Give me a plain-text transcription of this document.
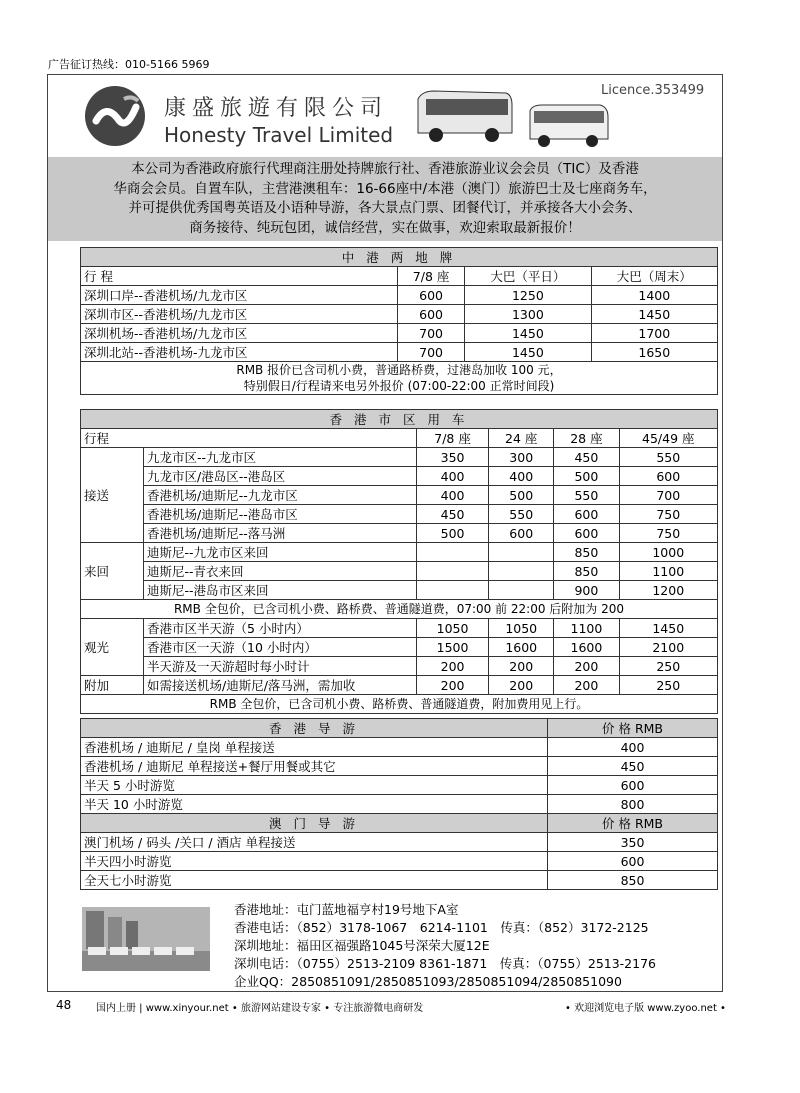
广告征订热线：010-5166 5969
康盛旅遊有限公司
Honesty Travel Limited
Licence.353499
本公司为香港政府旅行代理商注册处持牌旅行社、香港旅游业议会会员（TIC）及香港
华商会会员。自置车队，主营港澳租车：16-66座中/本港（澳门）旅游巴士及七座商务车，
并可提供优秀国粤英语及小语种导游，各大景点门票、团餐代订，并承接各大小会务、
商务接待、纯玩包团，诚信经营，实在做事，欢迎索取最新报价！
中 港 两 地 牌			
行 程	7/8 座	大巴（平日）	大巴（周末）
深圳口岸--香港机场/九龙市区	600	1250	1400
深圳市区--香港机场/九龙市区	600	1300	1450
深圳机场--香港机场/九龙市区	700	1450	1700
深圳北站--香港机场-九龙市区	700	1450	1650

RMB 报价已含司机小费，普通路桥费，过港岛加收 100 元，
特别假日/行程请来电另外报价 (07:00-22:00 正常时间段)			
香 港 市 区 用 车					
行程		7/8 座	24 座	28 座	45/49 座
接送	九龙市区--九龙市区	350	300	450	550
	九龙市区/港岛区--港岛区	400	400	500	600
	香港机场/迪斯尼--九龙市区	400	500	550	700
	香港机场/迪斯尼--港岛市区	450	550	600	750
	香港机场/迪斯尼--落马洲	500	600	600	750
来回	迪斯尼--九龙市区来回			850	1000
	迪斯尼--青衣来回			850	1100
	迪斯尼--港岛市区来回			900	1200
RMB 全包价，已含司机小费、路桥费、普通隧道费，07:00 前 22:00 后附加为 200					
观光	香港市区半天游（5 小时内）	1050	1050	1100	1450
	香港市区一天游（10 小时内）	1500	1600	1600	2100
	半天游及一天游超时每小时计	200	200	200	250
附加	如需接送机场/迪斯尼/落马洲，需加收	200	200	200	250
RMB 全包价，已含司机小费、路桥费、普通隧道费，附加费用见上行。					
香 港 导 游	价 格 RMB
香港机场 / 迪斯尼 / 皇岗 单程接送	400
香港机场 / 迪斯尼 单程接送+餐厅用餐或其它	450
半天 5 小时游览	600
半天 10 小时游览	800
澳 门 导 游	价 格 RMB
澳门机场 / 码头 /关口 / 酒店 单程接送	350
半天四小时游览	600
全天七小时游览	850
香港地址：屯门蓝地福亨村19号地下A室
香港电话：（852）3178-1067　6214-1101　传真：（852）3172-2125
深圳地址：福田区福强路1045号深荣大厦12E
深圳电话：（0755）2513-2109 8361-1871　传真：（0755）2513-2176
企业QQ：2850851091/2850851093/2850851094/2850851090
48 国内上册 | www.xinyour.net • 旅游网站建设专家 • 专注旅游微电商研发	• 欢迎浏览电子版 www.zyoo.net •
